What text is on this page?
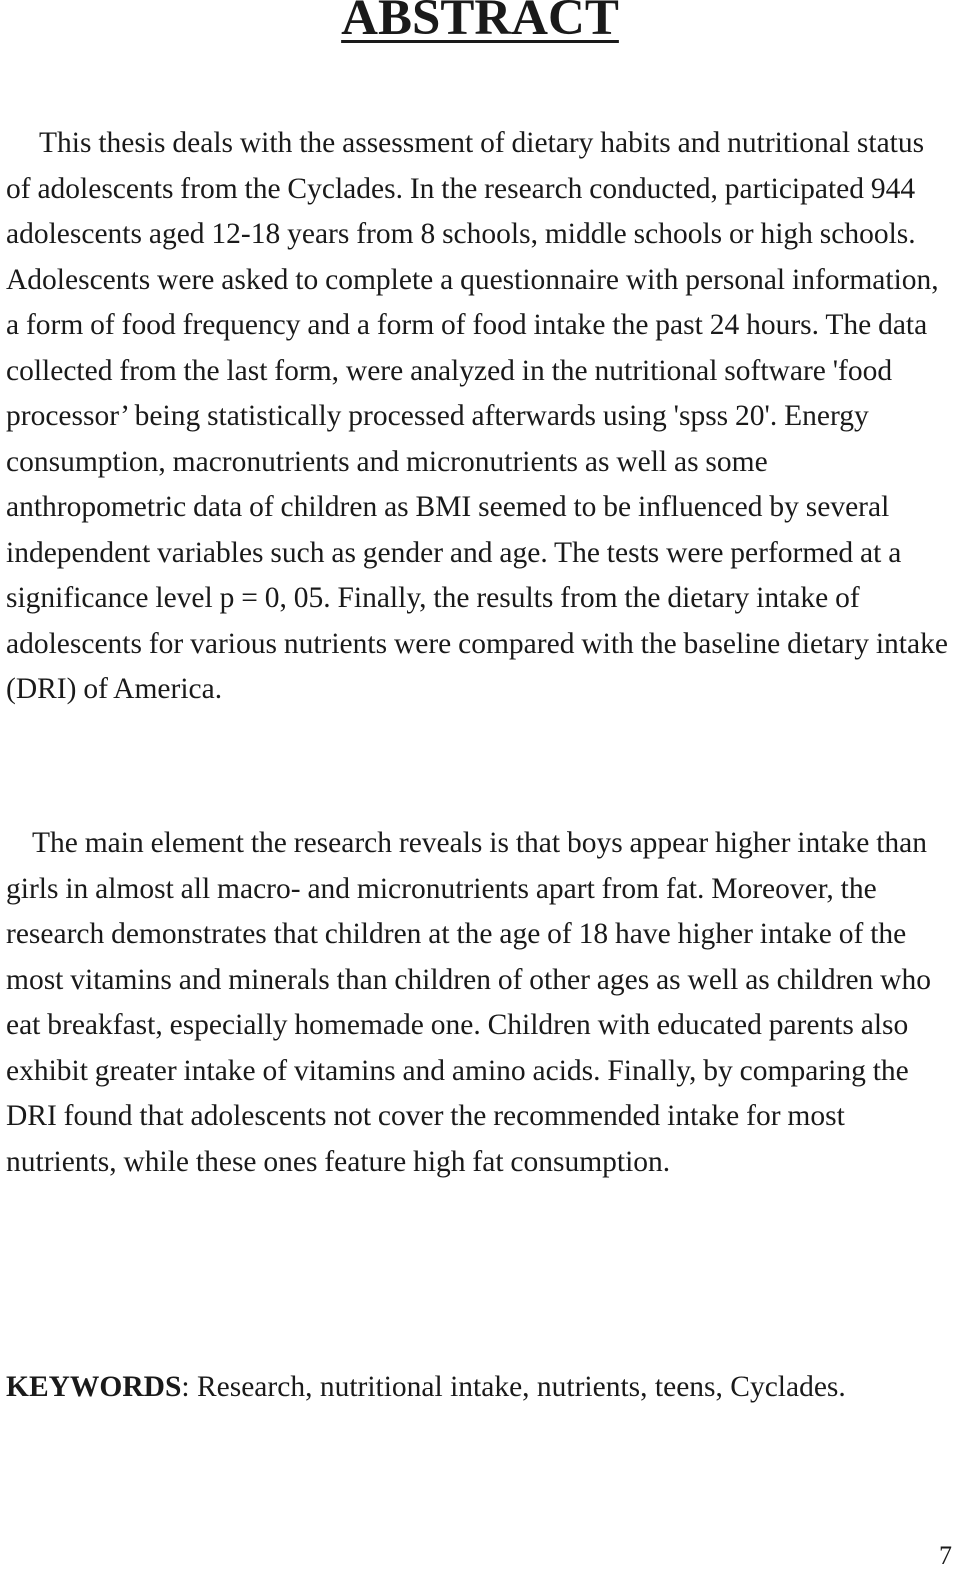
ABSTRACT

This thesis deals with the assessment of dietary habits and nutritional status of adolescents from the Cyclades. In the research conducted, participated 944 adolescents aged 12-18 years from 8 schools, middle schools or high schools. Adolescents were asked to complete a questionnaire with personal information, a form of food frequency and a form of food intake the past 24 hours. The data collected from the last form, were analyzed in the nutritional software 'food processor’ being statistically processed afterwards using 'spss 20'. Energy consumption, macronutrients and micronutrients as well as some anthropometric data of children as BMI seemed to be influenced by several independent variables such as gender and age. The tests were performed at a significance level p = 0, 05. Finally, the results from the dietary intake of adolescents for various nutrients were compared with the baseline dietary intake (DRI) of America.

The main element the research reveals is that boys appear higher intake than girls in almost all macro- and micronutrients apart from fat. Moreover, the research demonstrates that children at the age of 18 have higher intake of the most vitamins and minerals than children of other ages as well as children who eat breakfast, especially homemade one. Children with educated parents also exhibit greater intake of vitamins and amino acids. Finally, by comparing the DRI found that adolescents not cover the recommended intake for most nutrients, while these ones feature high fat consumption.

KEYWORDS: Research, nutritional intake, nutrients, teens, Cyclades.

7
